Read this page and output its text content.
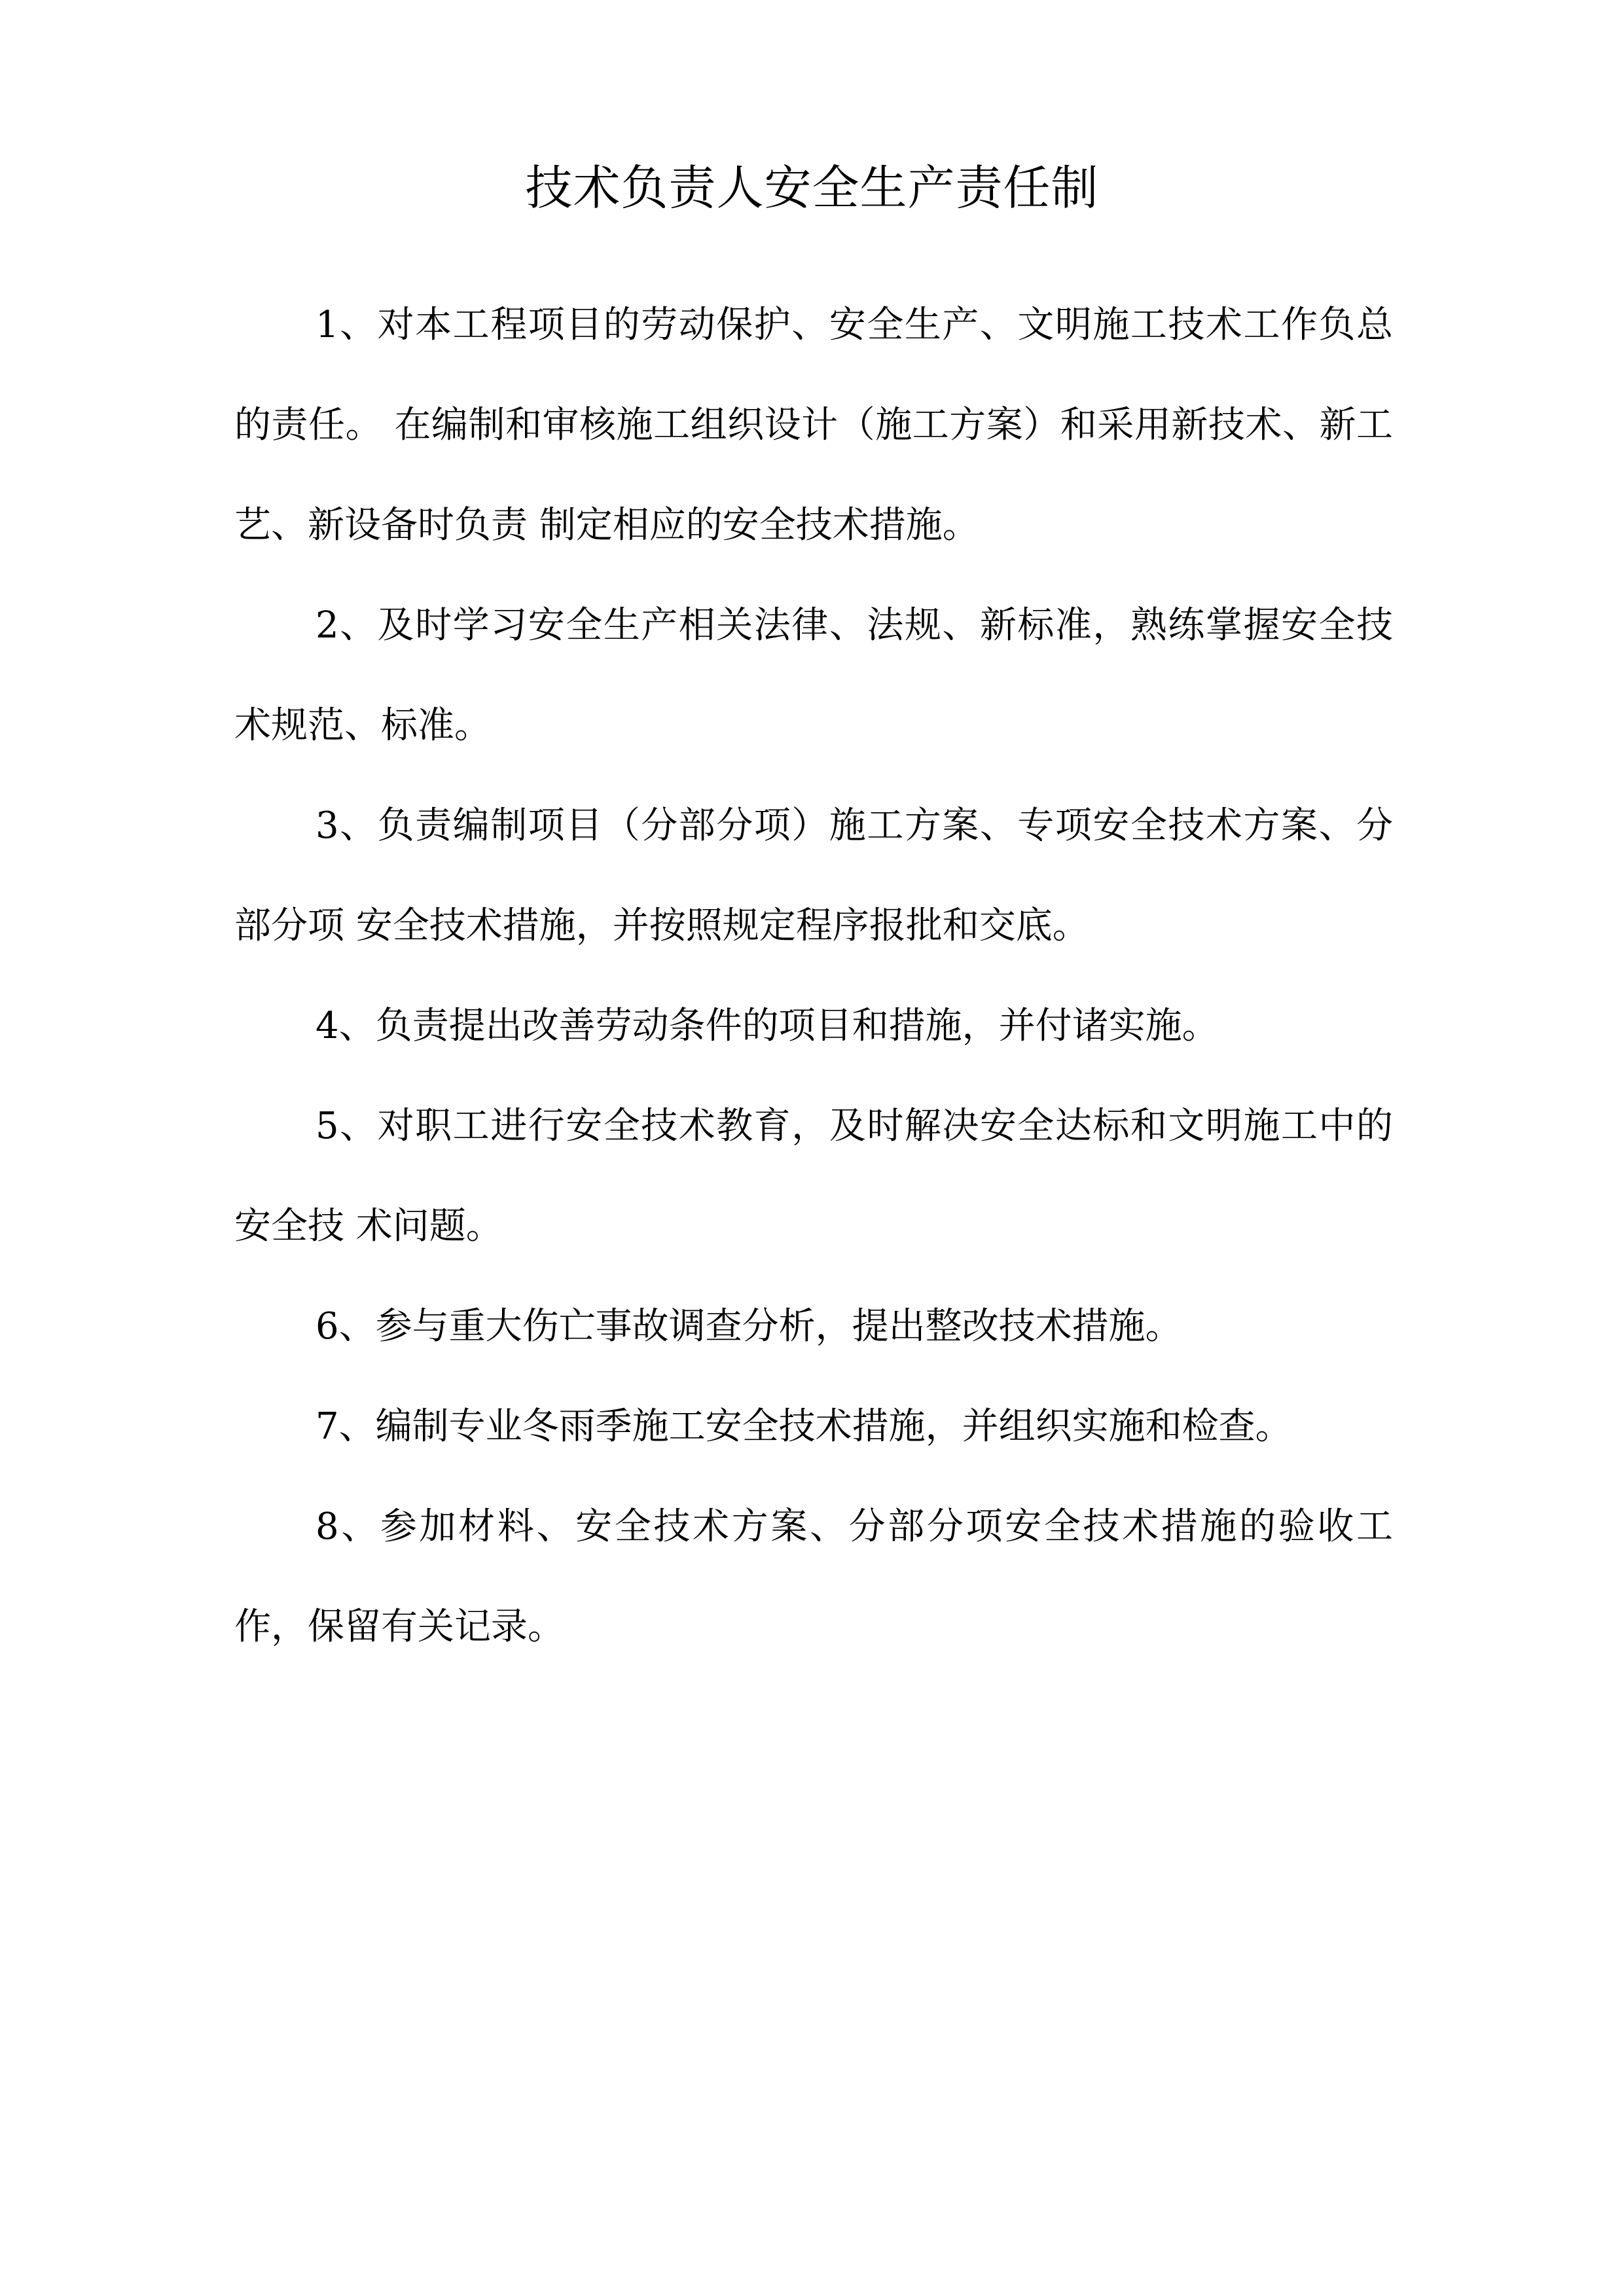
技术负责人安全生产责任制

1、对本工程项目的劳动保护、安全生产、文明施工技术工作负总的责任。 在编制和审核施工组织设计（施工方案）和采用新技术、新工艺、新设备时负责 制定相应的安全技术措施。

2、及时学习安全生产相关法律、法规、新标准，熟练掌握安全技术规范、标准。

3、负责编制项目（分部分项）施工方案、专项安全技术方案、分部分项 安全技术措施，并按照规定程序报批和交底。

4、负责提出改善劳动条件的项目和措施，并付诸实施。

5、对职工进行安全技术教育，及时解决安全达标和文明施工中的安全技 术问题。

6、参与重大伤亡事故调查分析，提出整改技术措施。

7、编制专业冬雨季施工安全技术措施，并组织实施和检查。

8、参加材料、安全技术方案、分部分项安全技术措施的验收工作，保留有关记录。
